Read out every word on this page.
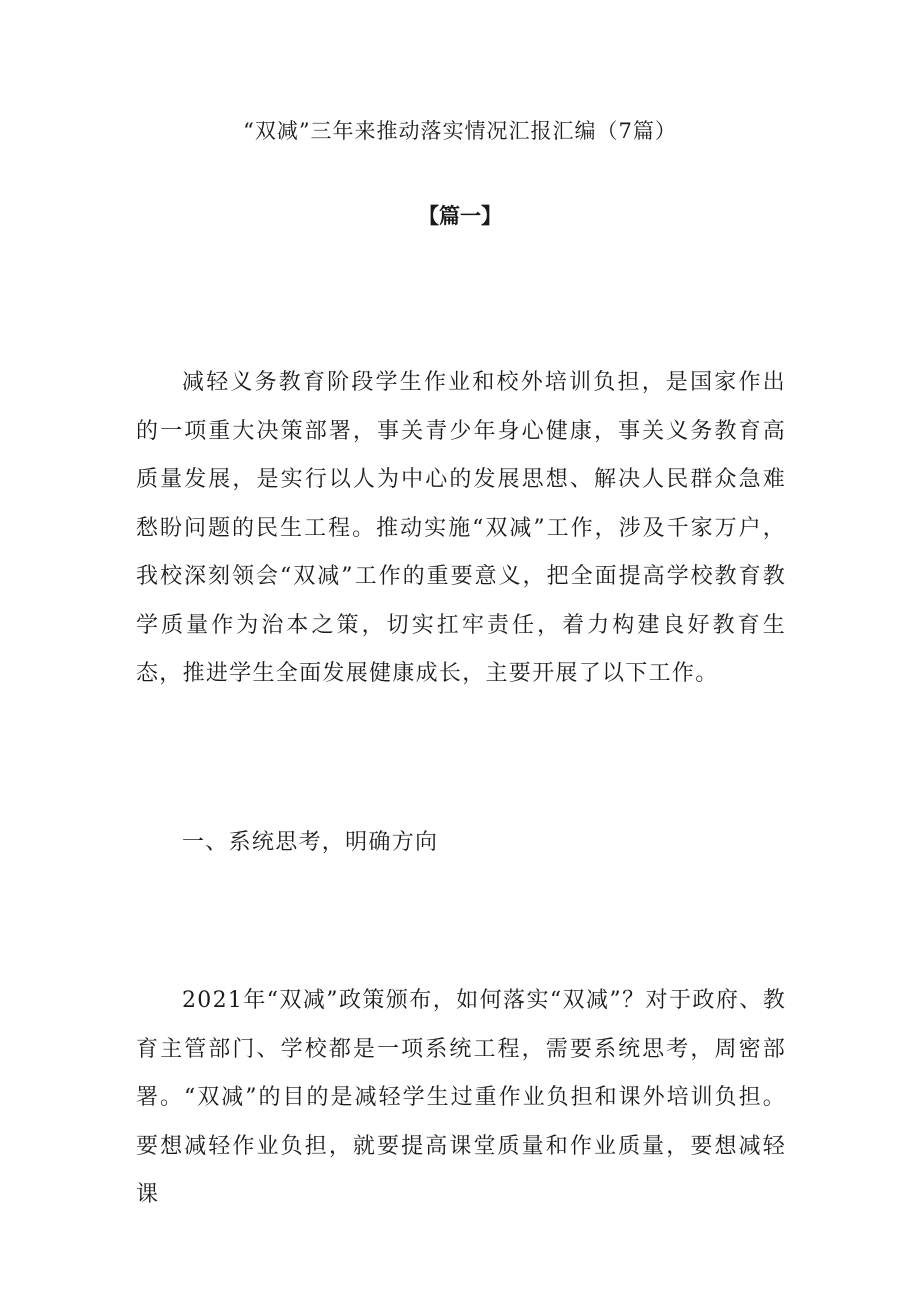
“双减”三年来推动落实情况汇报汇编（7篇）
【篇一】

减轻义务教育阶段学生作业和校外培训负担，是国家作出的一项重大决策部署，事关青少年身心健康，事关义务教育高质量发展，是实行以人为中心的发展思想、解决人民群众急难愁盼问题的民生工程。推动实施“双减”工作，涉及千家万户，我校深刻领会“双减”工作的重要意义，把全面提高学校教育教学质量作为治本之策，切实扛牢责任，着力构建良好教育生态，推进学生全面发展健康成长，主要开展了以下工作。

一、系统思考，明确方向

2021年“双减”政策颁布，如何落实“双减”？对于政府、教育主管部门、学校都是一项系统工程，需要系统思考，周密部署。“双减”的目的是减轻学生过重作业负担和课外培训负担。要想减轻作业负担，就要提高课堂质量和作业质量，要想减轻课
